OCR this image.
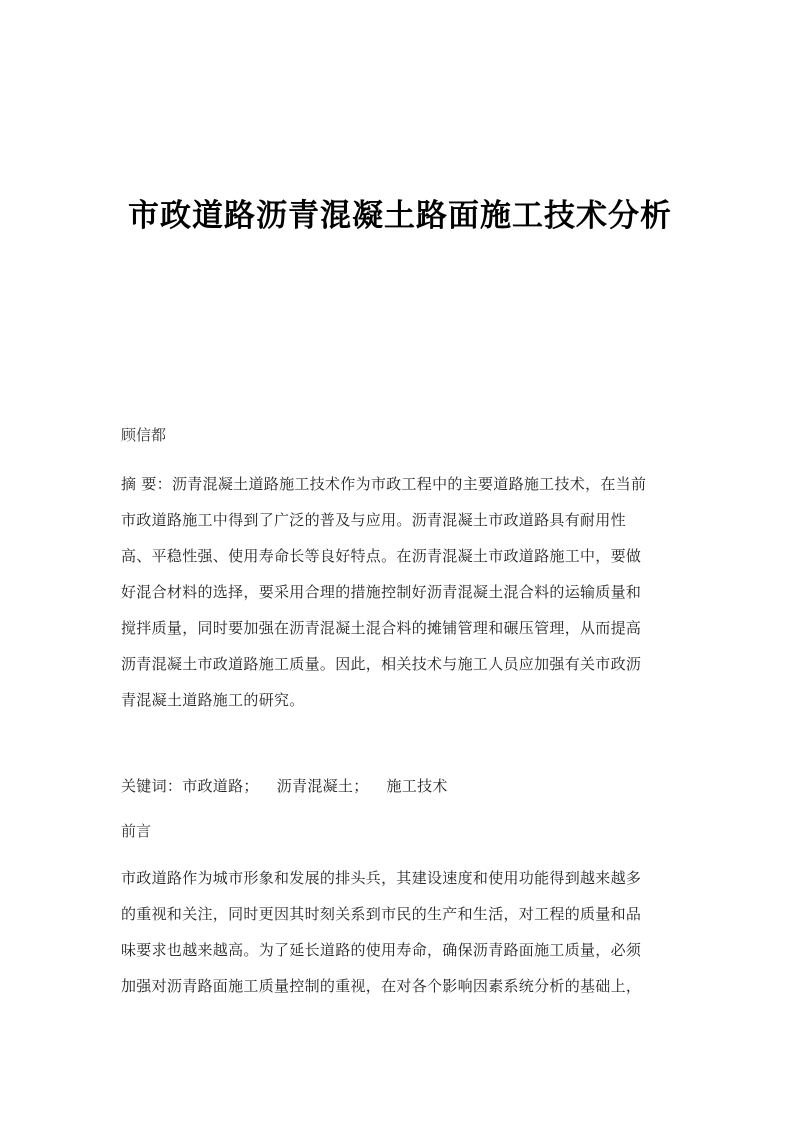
市政道路沥青混凝土路面施工技术分析

顾信都

摘 要：沥青混凝土道路施工技术作为市政工程中的主要道路施工技术，在当前
市政道路施工中得到了广泛的普及与应用。沥青混凝土市政道路具有耐用性
高、平稳性强、使用寿命长等良好特点。在沥青混凝土市政道路施工中，要做
好混合材料的选择，要采用合理的措施控制好沥青混凝土混合料的运输质量和
搅拌质量，同时要加强在沥青混凝土混合料的摊铺管理和碾压管理，从而提高
沥青混凝土市政道路施工质量。因此，相关技术与施工人员应加强有关市政沥
青混凝土道路施工的研究。
关键词：市政道路； 沥青混凝土； 施工技术

前言

市政道路作为城市形象和发展的排头兵，其建设速度和使用功能得到越来越多
的重视和关注，同时更因其时刻关系到市民的生产和生活，对工程的质量和品
味要求也越来越高。为了延长道路的使用寿命，确保沥青路面施工质量，必须
加强对沥青路面施工质量控制的重视，在对各个影响因素系统分析的基础上，
